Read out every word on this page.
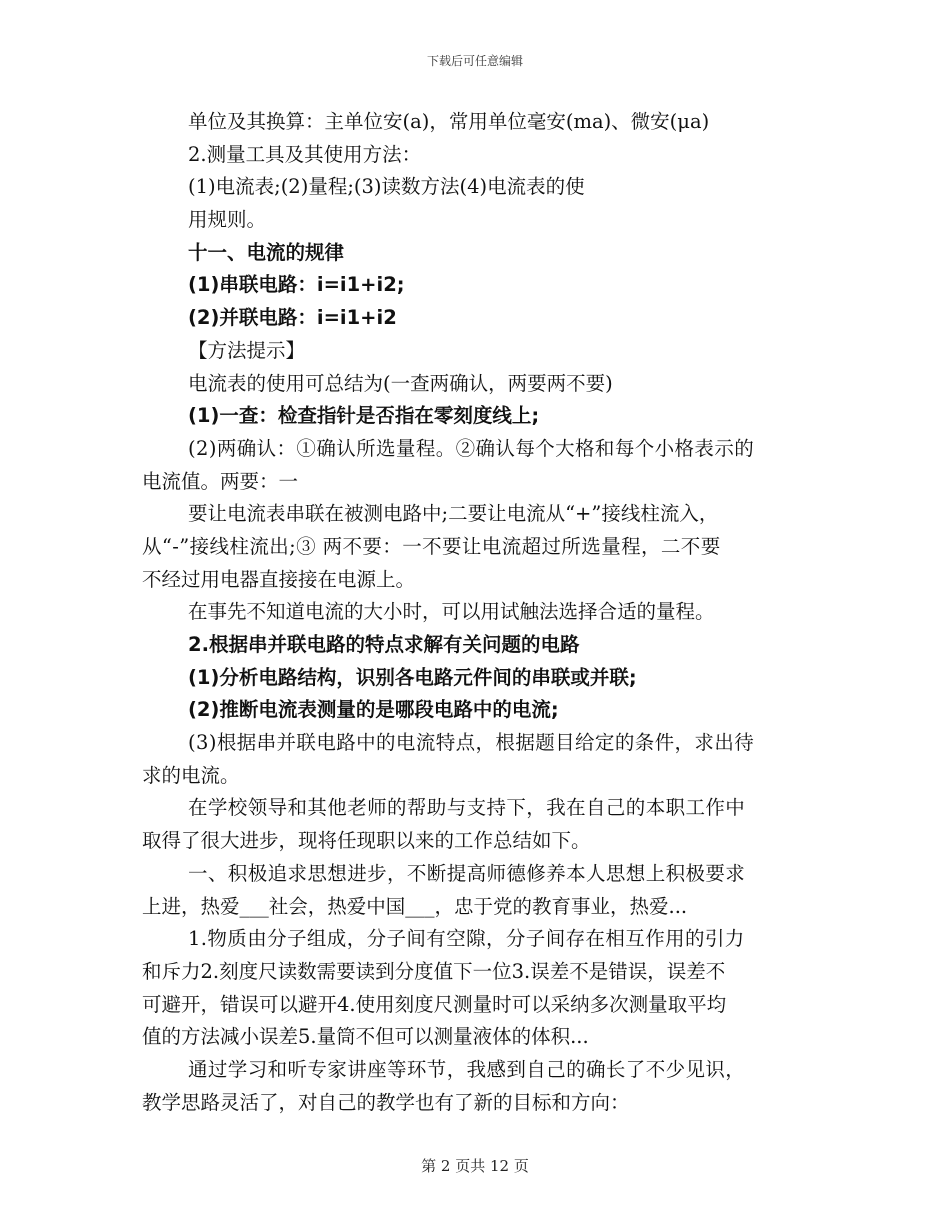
下载后可任意编辑
单位及其换算：主单位安(a)，常用单位毫安(ma)、微安(μa)
2.测量工具及其使用方法：
(1)电流表;(2)量程;(3)读数方法(4)电流表的使
用规则。
十一、电流的规律
(1)串联电路：i=i1+i2;
(2)并联电路：i=i1+i2
【方法提示】
电流表的使用可总结为(一查两确认，两要两不要)
(1)一查：检查指针是否指在零刻度线上;
(2)两确认：①确认所选量程。②确认每个大格和每个小格表示的
电流值。两要：一
要让电流表串联在被测电路中;二要让电流从“+”接线柱流入，
从“-”接线柱流出;③ 两不要：一不要让电流超过所选量程，二不要
不经过用电器直接接在电源上。
在事先不知道电流的大小时，可以用试触法选择合适的量程。
2.根据串并联电路的特点求解有关问题的电路
(1)分析电路结构，识别各电路元件间的串联或并联;
(2)推断电流表测量的是哪段电路中的电流;
(3)根据串并联电路中的电流特点，根据题目给定的条件，求出待
求的电流。
在学校领导和其他老师的帮助与支持下，我在自己的本职工作中
取得了很大进步，现将任现职以来的工作总结如下。
一、积极追求思想进步，不断提高师德修养本人思想上积极要求
上进，热爱___社会，热爱中国___，忠于党的教育事业，热爱...
1.物质由分子组成，分子间有空隙，分子间存在相互作用的引力
和斥力2.刻度尺读数需要读到分度值下一位3.误差不是错误，误差不
可避开，错误可以避开4.使用刻度尺测量时可以采纳多次测量取平均
值的方法减小误差5.量筒不但可以测量液体的体积...
通过学习和听专家讲座等环节，我感到自己的确长了不少见识，
教学思路灵活了，对自己的教学也有了新的目标和方向：
第 2 页共 12 页
